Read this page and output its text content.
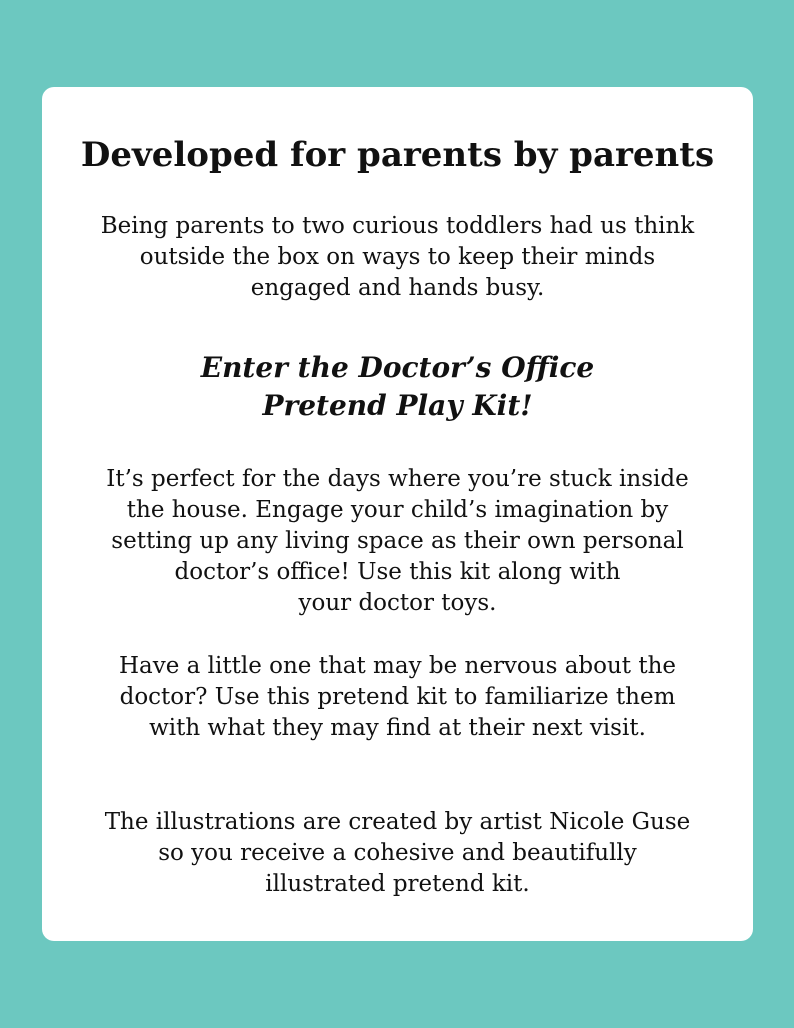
Developed for parents by parents

Being parents to two curious toddlers had us think
outside the box on ways to keep their minds
engaged and hands busy.

Enter the Doctor’s Office
Pretend Play Kit!

It’s perfect for the days where you’re stuck inside
the house. Engage your child’s imagination by
setting up any living space as their own personal
doctor’s office! Use this kit along with
your doctor toys.

Have a little one that may be nervous about the
doctor? Use this pretend kit to familiarize them
with what they may find at their next visit.

The illustrations are created by artist Nicole Guse
so you receive a cohesive and beautifully
illustrated pretend kit.
